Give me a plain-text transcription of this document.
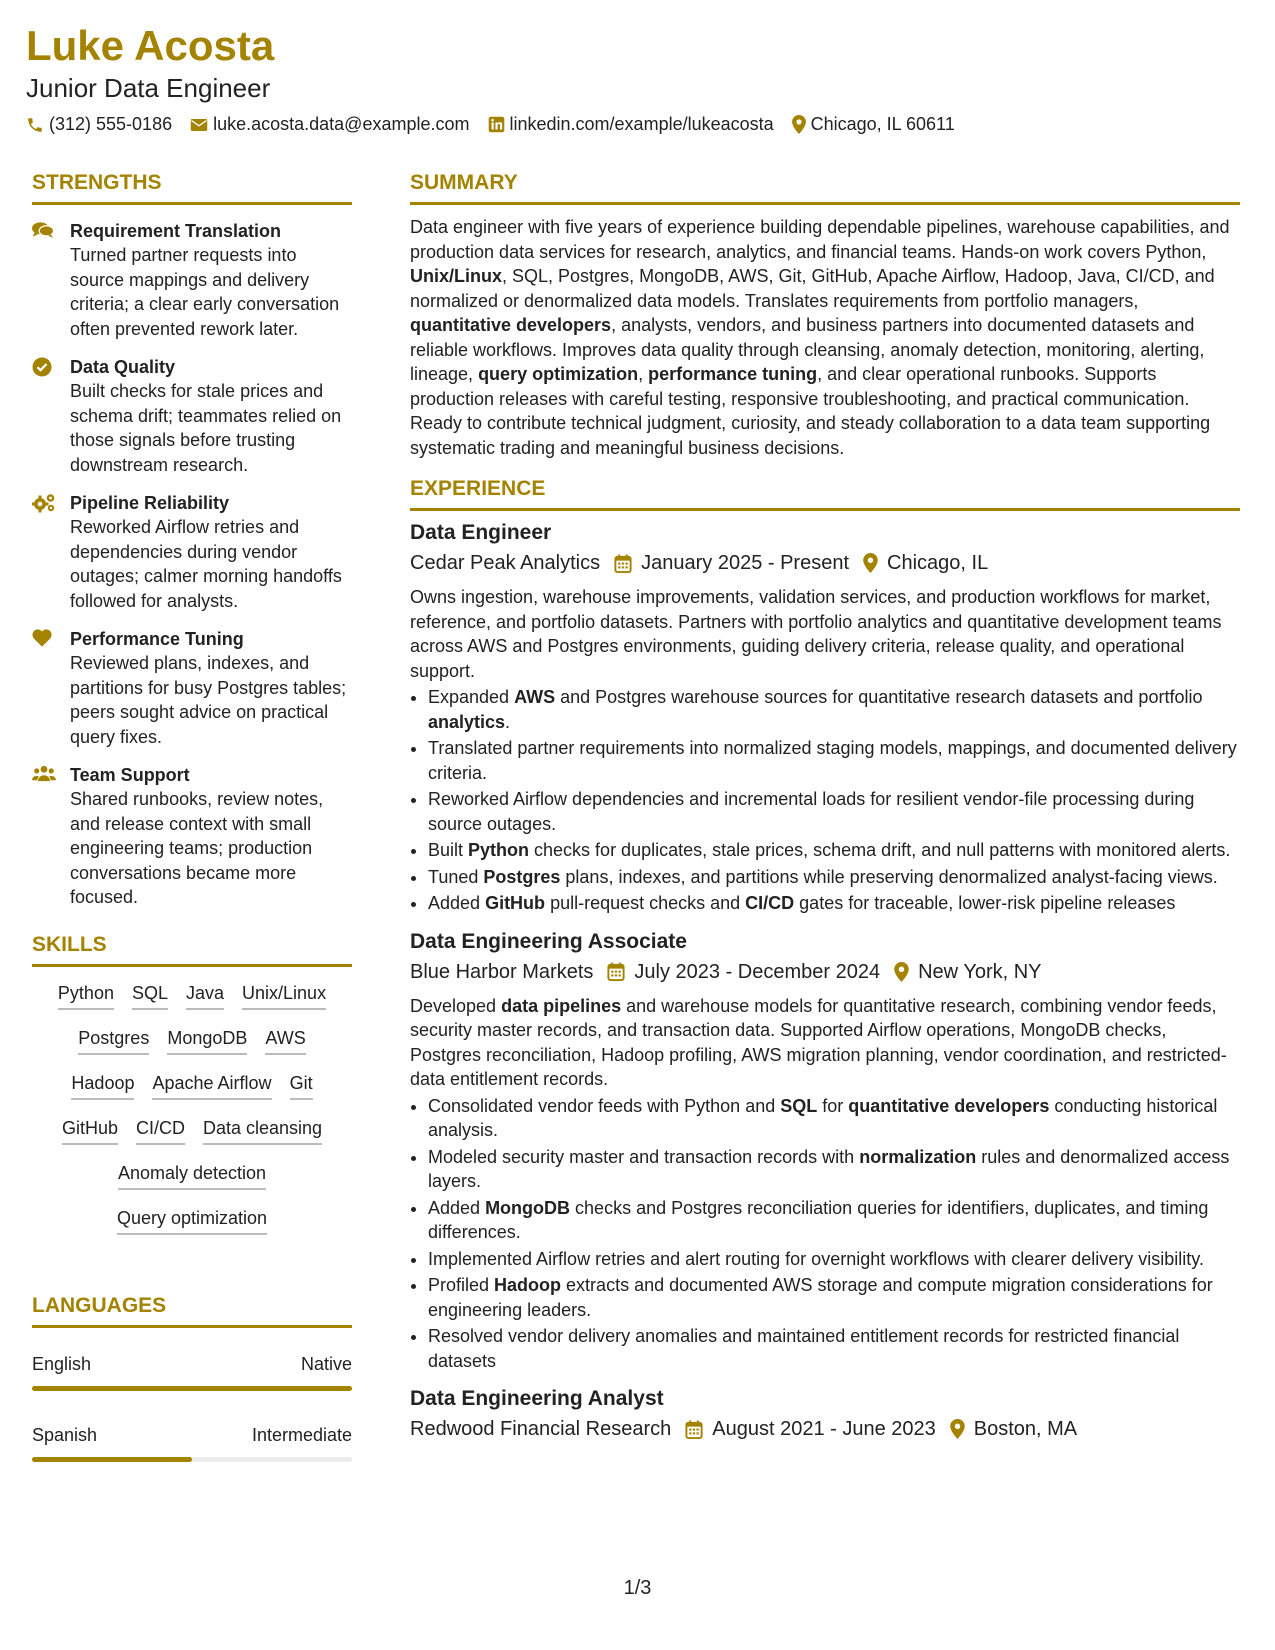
Luke Acosta
Junior Data Engineer
(312) 555-0186 luke.acosta.data@example.com linkedin.com/example/lukeacosta Chicago, IL 60611
STRENGTHS
Requirement Translation
Turned partner requests into source mappings and delivery criteria; a clear early conversation often prevented rework later.
Data Quality
Built checks for stale prices and schema drift; teammates relied on those signals before trusting downstream research.
Pipeline Reliability
Reworked Airflow retries and dependencies during vendor outages; calmer morning handoffs followed for analysts.
Performance Tuning
Reviewed plans, indexes, and partitions for busy Postgres tables; peers sought advice on practical query fixes.
Team Support
Shared runbooks, review notes, and release context with small engineering teams; production conversations became more focused.
SKILLS
Python SQL Java Unix/Linux
Postgres MongoDB AWS
Hadoop Apache Airflow Git
GitHub CI/CD Data cleansing
Anomaly detection
Query optimization
LANGUAGES
English	Native
Spanish	Intermediate
SUMMARY
Data engineer with five years of experience building dependable pipelines, warehouse capabilities, and production data services for research, analytics, and financial teams. Hands-on work covers Python, Unix/Linux, SQL, Postgres, MongoDB, AWS, Git, GitHub, Apache Airflow, Hadoop, Java, CI/CD, and normalized or denormalized data models. Translates requirements from portfolio managers, quantitative developers, analysts, vendors, and business partners into documented datasets and reliable workflows. Improves data quality through cleansing, anomaly detection, monitoring, alerting, lineage, query optimization, performance tuning, and clear operational runbooks. Supports production releases with careful testing, responsive troubleshooting, and practical communication. Ready to contribute technical judgment, curiosity, and steady collaboration to a data team supporting systematic trading and meaningful business decisions.
EXPERIENCE
Data Engineer
Cedar Peak Analytics January 2025 - Present Chicago, IL
Owns ingestion, warehouse improvements, validation services, and production workflows for market, reference, and portfolio datasets. Partners with portfolio analytics and quantitative development teams across AWS and Postgres environments, guiding delivery criteria, release quality, and operational support.
• Expanded AWS and Postgres warehouse sources for quantitative research datasets and portfolio analytics.
• Translated partner requirements into normalized staging models, mappings, and documented delivery criteria.
• Reworked Airflow dependencies and incremental loads for resilient vendor-file processing during source outages.
• Built Python checks for duplicates, stale prices, schema drift, and null patterns with monitored alerts.
• Tuned Postgres plans, indexes, and partitions while preserving denormalized analyst-facing views.
• Added GitHub pull-request checks and CI/CD gates for traceable, lower-risk pipeline releases
Data Engineering Associate
Blue Harbor Markets July 2023 - December 2024 New York, NY
Developed data pipelines and warehouse models for quantitative research, combining vendor feeds, security master records, and transaction data. Supported Airflow operations, MongoDB checks, Postgres reconciliation, Hadoop profiling, AWS migration planning, vendor coordination, and restricted-data entitlement records.
• Consolidated vendor feeds with Python and SQL for quantitative developers conducting historical analysis.
• Modeled security master and transaction records with normalization rules and denormalized access layers.
• Added MongoDB checks and Postgres reconciliation queries for identifiers, duplicates, and timing differences.
• Implemented Airflow retries and alert routing for overnight workflows with clearer delivery visibility.
• Profiled Hadoop extracts and documented AWS storage and compute migration considerations for engineering leaders.
• Resolved vendor delivery anomalies and maintained entitlement records for restricted financial datasets
Data Engineering Analyst
Redwood Financial Research August 2021 - June 2023 Boston, MA
1/3
